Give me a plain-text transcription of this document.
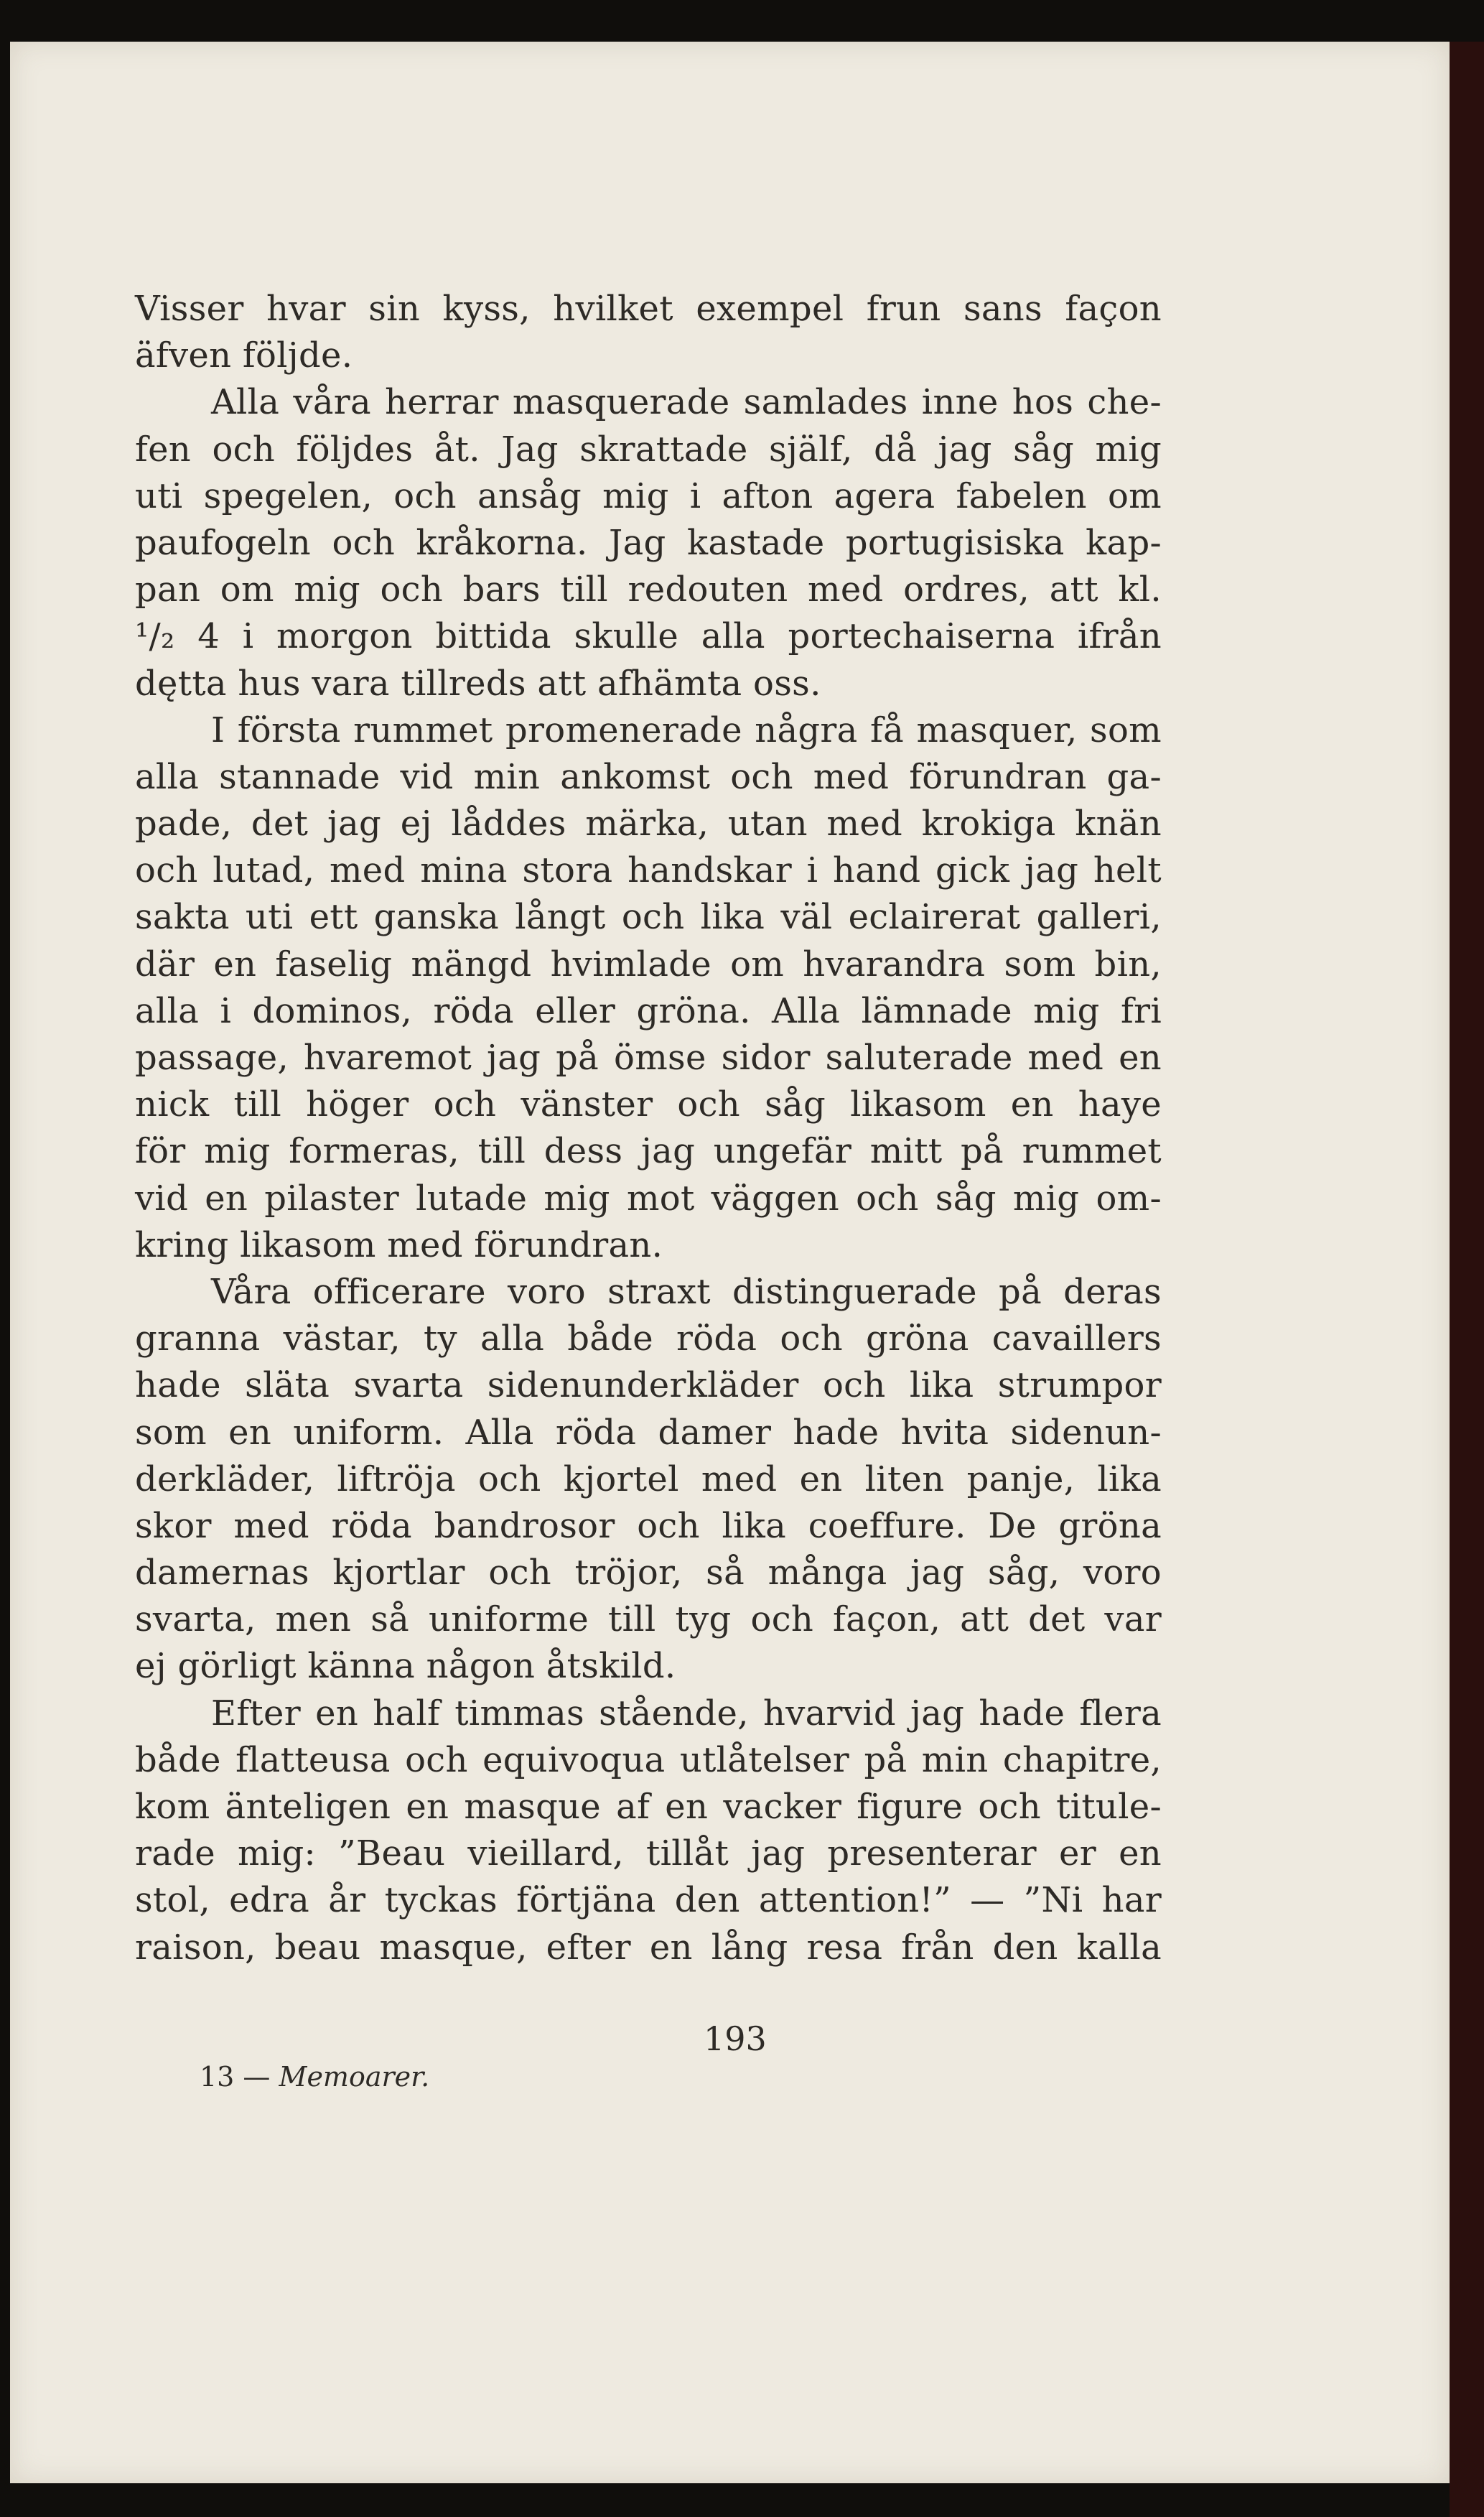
Visser hvar sin kyss, hvilket exempel frun sans façon
äfven följde.
Alla våra herrar masquerade samlades inne hos che-
fen och följdes åt. Jag skrattade själf, då jag såg mig
uti spegelen, och ansåg mig i afton agera fabelen om
paufogeln och kråkorna. Jag kastade portugisiska kap-
pan om mig och bars till redouten med ordres, att kl.
¹/₂ 4 i morgon bittida skulle alla portechaiserna ifrån
dętta hus vara tillreds att afhämta oss.
I första rummet promenerade några få masquer, som
alla stannade vid min ankomst och med förundran ga-
pade, det jag ej låddes märka, utan med krokiga knän
och lutad, med mina stora handskar i hand gick jag helt
sakta uti ett ganska långt och lika väl eclairerat galleri,
där en faselig mängd hvimlade om hvarandra som bin,
alla i dominos, röda eller gröna. Alla lämnade mig fri
passage, hvaremot jag på ömse sidor saluterade med en
nick till höger och vänster och såg likasom en haye
för mig formeras, till dess jag ungefär mitt på rummet
vid en pilaster lutade mig mot väggen och såg mig om-
kring likasom med förundran.
Våra officerare voro straxt distinguerade på deras
granna västar, ty alla både röda och gröna cavaillers
hade släta svarta sidenunderkläder och lika strumpor
som en uniform. Alla röda damer hade hvita sidenun-
derkläder, liftröja och kjortel med en liten panje, lika
skor med röda bandrosor och lika coeffure. De gröna
damernas kjortlar och tröjor, så många jag såg, voro
svarta, men så uniforme till tyg och façon, att det var
ej görligt känna någon åtskild.
Efter en half timmas stående, hvarvid jag hade flera
både flatteusa och equivoqua utlåtelser på min chapitre,
kom änteligen en masque af en vacker figure och titule-
rade mig: ”Beau vieillard, tillåt jag presenterar er en
stol, edra år tyckas förtjäna den attention!” — ”Ni har
raison, beau masque, efter en lång resa från den kalla
193
13 — Memoarer.
